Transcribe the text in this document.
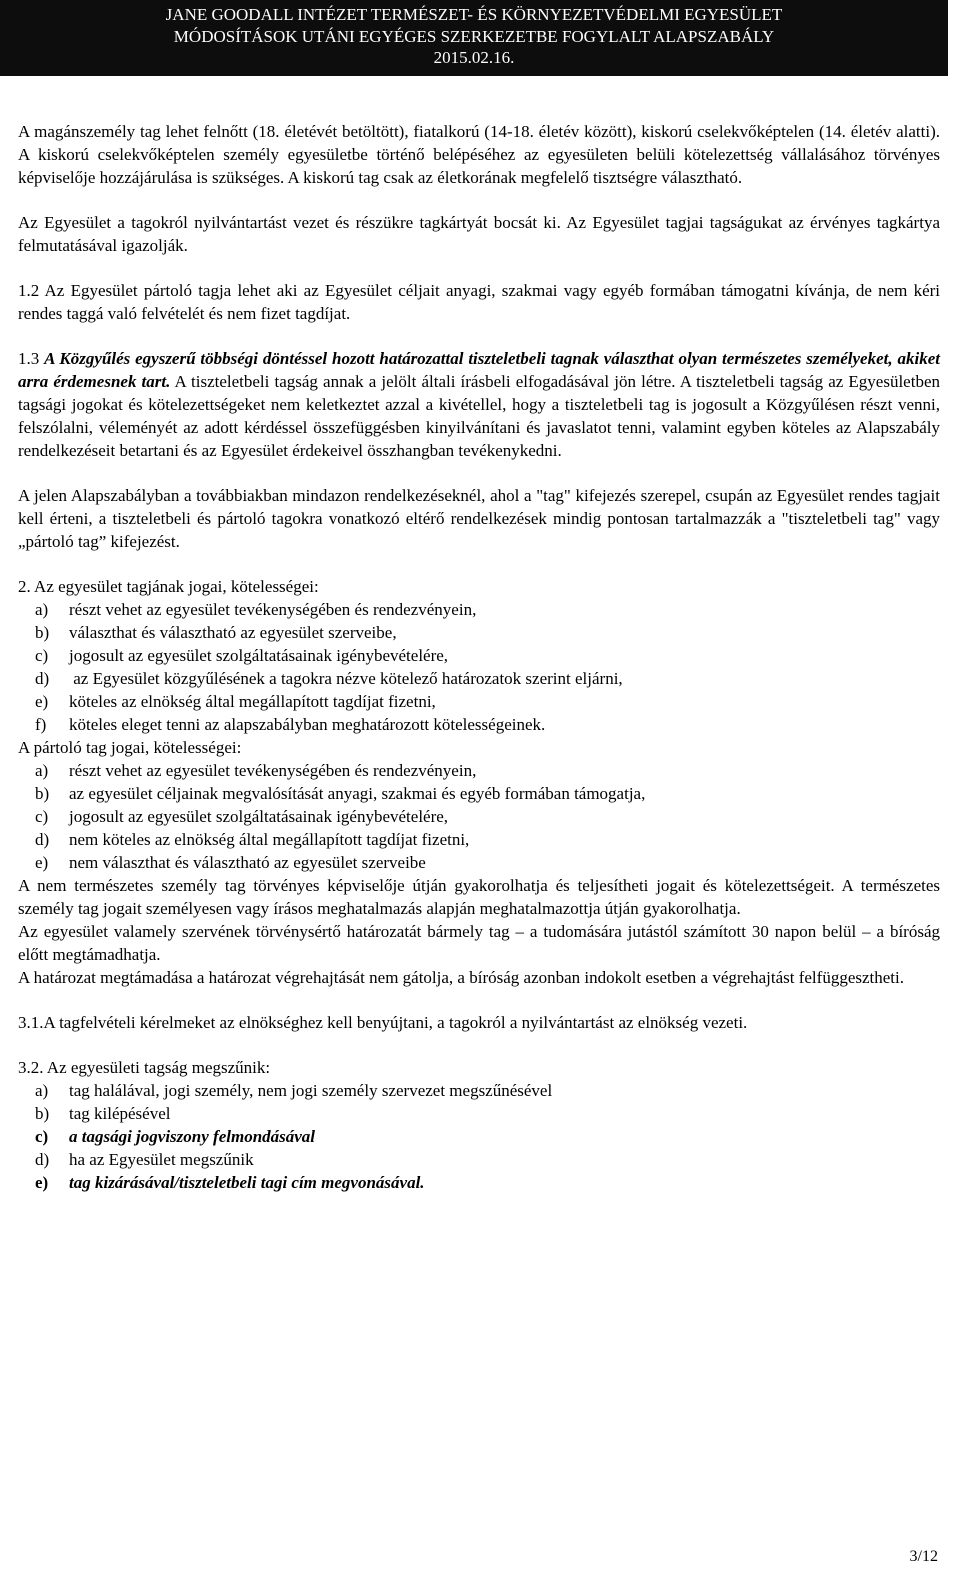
JANE GOODALL INTÉZET TERMÉSZET- ÉS KÖRNYEZETVÉDELMI EGYESÜLET
MÓDOSÍTÁSOK UTÁNI EGYÉGES SZERKEZETBE FOGYLALT ALAPSZABÁLY
2015.02.16.
A magánszemély tag lehet felnőtt (18. életévét betöltött), fiatalkorú (14-18. életév között), kiskorú cselekvőképtelen (14. életév alatti). A kiskorú cselekvőképtelen személy egyesületbe történő belépéséhez az egyesületen belüli kötelezettség vállalásához törvényes képviselője hozzájárulása is szükséges. A kiskorú tag csak az életkorának megfelelő tisztségre választható.
Az Egyesület a tagokról nyilvántartást vezet és részükre tagkártyát bocsát ki. Az Egyesület tagjai tagságukat az érvényes tagkártya felmutatásával igazolják.
1.2 Az Egyesület pártoló tagja lehet aki az Egyesület céljait anyagi, szakmai vagy egyéb formában támogatni kívánja, de nem kéri rendes taggá való felvételét és nem fizet tagdíjat.
1.3 A Közgyűlés egyszerű többségi döntéssel hozott határozattal tiszteletbeli tagnak választhat olyan természetes személyeket, akiket arra érdemesnek tart. A tiszteletbeli tagság annak a jelölt általi írásbeli elfogadásával jön létre. A tiszteletbeli tagság az Egyesületben tagsági jogokat és kötelezettségeket nem keletkeztet azzal a kivétellel, hogy a tiszteletbeli tag is jogosult a Közgyűlésen részt venni, felszólalni, véleményét az adott kérdéssel összefüggésben kinyilvánítani és javaslatot tenni, valamint egyben köteles az Alapszabály rendelkezéseit betartani és az Egyesület érdekeivel összhangban tevékenykedni.
A jelen Alapszabályban a továbbiakban mindazon rendelkezéseknél, ahol a "tag" kifejezés szerepel, csupán az Egyesület rendes tagjait kell érteni, a tiszteletbeli és pártoló tagokra vonatkozó eltérő rendelkezések mindig pontosan tartalmazzák a "tiszteletbeli tag" vagy „pártoló tag” kifejezést.
2. Az egyesület tagjának jogai, kötelességei:
a)	részt vehet az egyesület tevékenységében és rendezvényein,
b)	választhat és választható az egyesület szerveibe,
c)	jogosult az egyesület szolgáltatásainak igénybevételére,
d)	az Egyesület közgyűlésének a tagokra nézve kötelező határozatok szerint eljárni,
e)	köteles az elnökség által megállapított tagdíjat fizetni,
f)	köteles eleget tenni az alapszabályban meghatározott kötelességeinek.
A pártoló tag jogai, kötelességei:
a)	részt vehet az egyesület tevékenységében és rendezvényein,
b)	az egyesület céljainak megvalósítását anyagi, szakmai és egyéb formában támogatja,
c)	jogosult az egyesület szolgáltatásainak igénybevételére,
d)	nem köteles az elnökség által megállapított tagdíjat fizetni,
e)	nem választhat és választható az egyesület szerveibe
A nem természetes személy tag törvényes képviselője útján gyakorolhatja és teljesítheti jogait és kötelezettségeit. A természetes személy tag jogait személyesen vagy írásos meghatalmazás alapján meghatalmazottja útján gyakorolhatja.
Az egyesület valamely szervének törvénysértő határozatát bármely tag – a tudomására jutástól számított 30 napon belül – a bíróság előtt megtámadhatja.
A határozat megtámadása a határozat végrehajtását nem gátolja, a bíróság azonban indokolt esetben a végrehajtást felfüggesztheti.
3.1. A tagfelvételi kérelmeket az elnökséghez kell benyújtani, a tagokról a nyilvántartást az elnökség vezeti.
3.2. Az egyesületi tagság megszűnik:
a)	tag halálával, jogi személy, nem jogi személy szervezet megszűnésével
b)	tag kilépésével
c)	a tagsági jogviszony felmondásával
d)	ha az Egyesület megszűnik
e)	tag kizárásával/tiszteletbeli tagi cím megvonásával.
3/12
